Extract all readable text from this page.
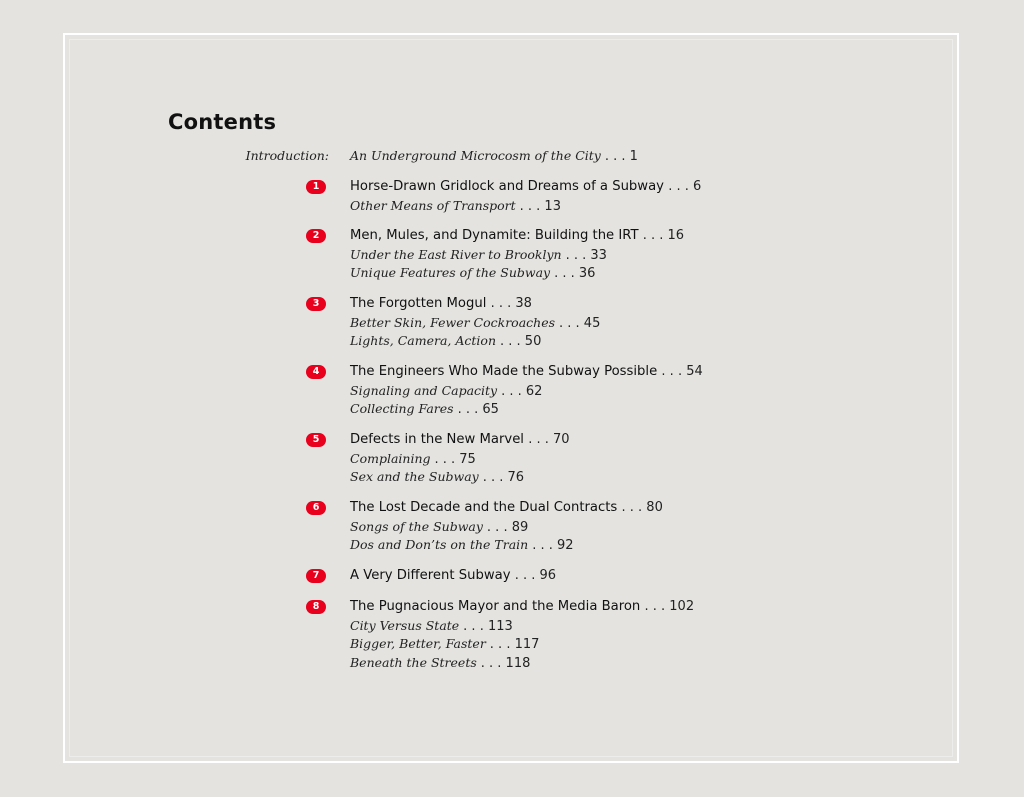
Contents
Introduction: An Underground Microcosm of the City . . . 1
1	Horse-Drawn Gridlock and Dreams of a Subway . . . 6
Other Means of Transport . . . 13
2	Men, Mules, and Dynamite: Building the IRT . . . 16
Under the East River to Brooklyn . . . 33
Unique Features of the Subway . . . 36
3	The Forgotten Mogul . . . 38
Better Skin, Fewer Cockroaches . . . 45
Lights, Camera, Action . . . 50
4	The Engineers Who Made the Subway Possible . . . 54
Signaling and Capacity . . . 62
Collecting Fares . . . 65
5	Defects in the New Marvel . . . 70
Complaining . . . 75
Sex and the Subway . . . 76
6	The Lost Decade and the Dual Contracts . . . 80
Songs of the Subway . . . 89
Dos and Don’ts on the Train . . . 92
7	A Very Different Subway . . . 96
8	The Pugnacious Mayor and the Media Baron . . . 102
City Versus State . . . 113
Bigger, Better, Faster . . . 117
Beneath the Streets . . . 118
